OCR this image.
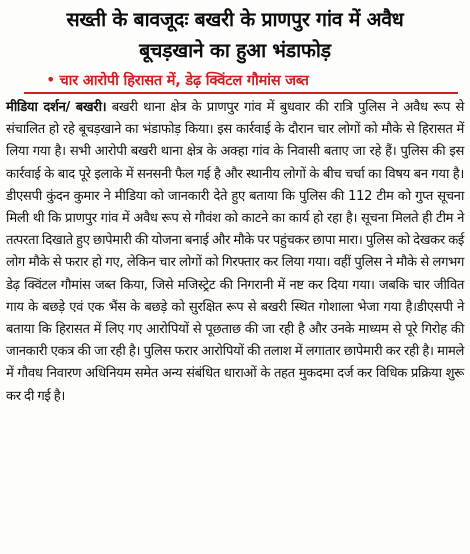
सख्ती के बावजूदः बखरी के प्राणपुर गांव में अवैध
बूचड़खाने का हुआ भंडाफोड़
• चार आरोपी हिरासत में, डेढ़ क्विंटल गौमांस जब्त
मीडिया दर्शन/ बखरी। बखरी थाना क्षेत्र के प्राणपुर गांव में बुधवार की रात्रि पुलिस ने अवैध रूप से संचालित हो रहे बूचड़खाने का भंडाफोड़ किया। इस कार्रवाई के दौरान चार लोगों को मौके से हिरासत में लिया गया है। सभी आरोपी बखरी थाना क्षेत्र के अक्हा गांव के निवासी बताए जा रहे हैं। पुलिस की इस कार्रवाई के बाद पूरे इलाके में सनसनी फैल गई है और स्थानीय लोगों के बीच चर्चा का विषय बन गया है।डीएसपी कुंदन कुमार ने मीडिया को जानकारी देते हुए बताया कि पुलिस की 112 टीम को गुप्त सूचना मिली थी कि प्राणपुर गांव में अवैध रूप से गौवंश को काटने का कार्य हो रहा है। सूचना मिलते ही टीम ने तत्परता दिखाते हुए छापेमारी की योजना बनाई और मौके पर पहुंचकर छापा मारा। पुलिस को देखकर कई लोग मौके से फरार हो गए, लेकिन चार लोगों को गिरफ्तार कर लिया गया। वहीं पुलिस ने मौके से लगभग डेढ़ क्विंटल गौमांस जब्त किया, जिसे मजिस्ट्रेट की निगरानी में नष्ट कर दिया गया। जबकि चार जीवित गाय के बछड़े एवं एक भैंस के बछड़े को सुरक्षित रूप से बखरी स्थित गोशाला भेजा गया है।डीएसपी ने बताया कि हिरासत में लिए गए आरोपियों से पूछताछ की जा रही है और उनके माध्यम से पूरे गिरोह की जानकारी एकत्र की जा रही है। पुलिस फरार आरोपियों की तलाश में लगातार छापेमारी कर रही है। मामले में गौवध निवारण अधिनियम समेत अन्य संबंधित धाराओं के तहत मुकदमा दर्ज कर विधिक प्रक्रिया शुरू कर दी गई है।
